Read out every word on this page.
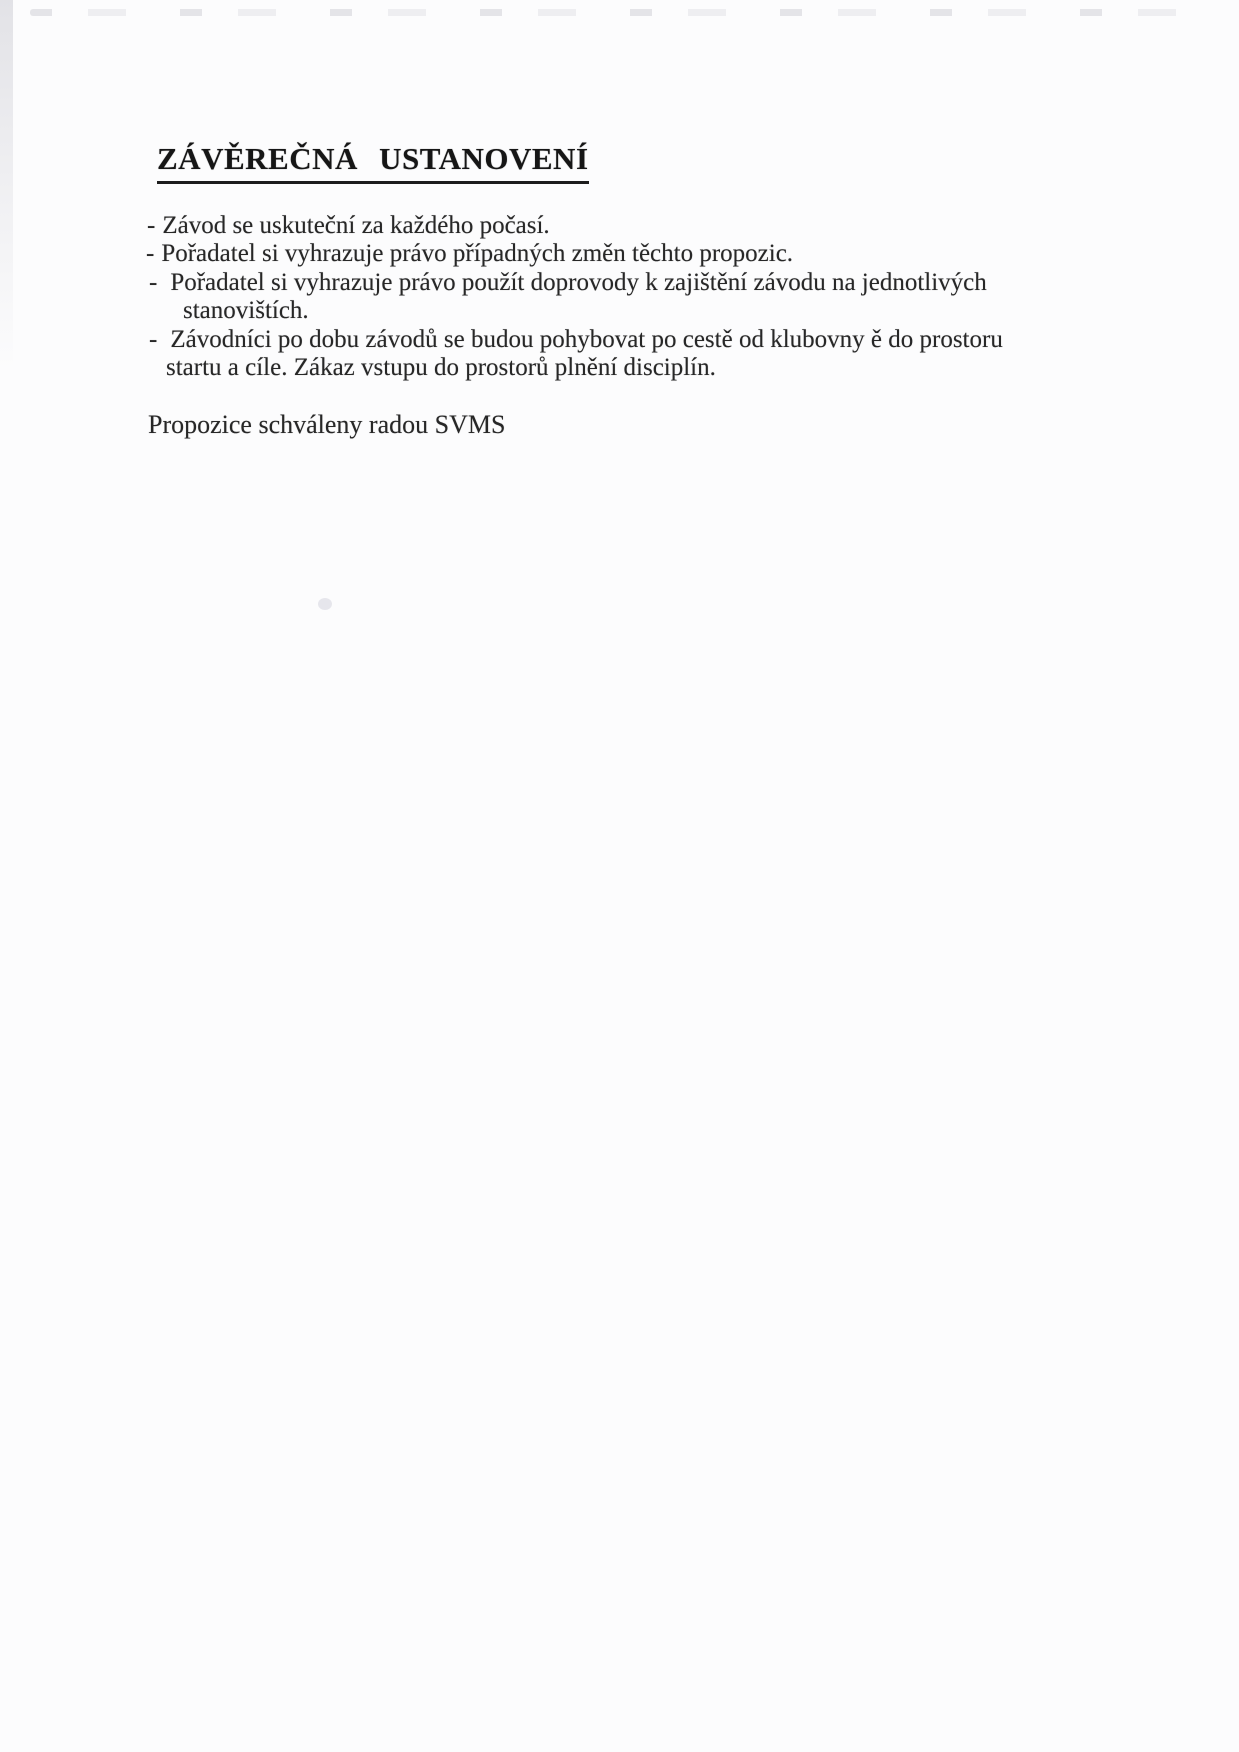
ZÁVĚREČNÁ USTANOVENÍ

- Závod se uskuteční za každého počasí.

- Pořadatel si vyhrazuje právo případných změn těchto propozic.

- Pořadatel si vyhrazuje právo použít doprovody k zajištění závodu na jednotlivých

stanovištích.

- Závodníci po dobu závodů se budou pohybovat po cestě od klubovny ě do prostoru

startu a cíle. Zákaz vstupu do prostorů plnění disciplín.

Propozice schváleny radou SVMS
